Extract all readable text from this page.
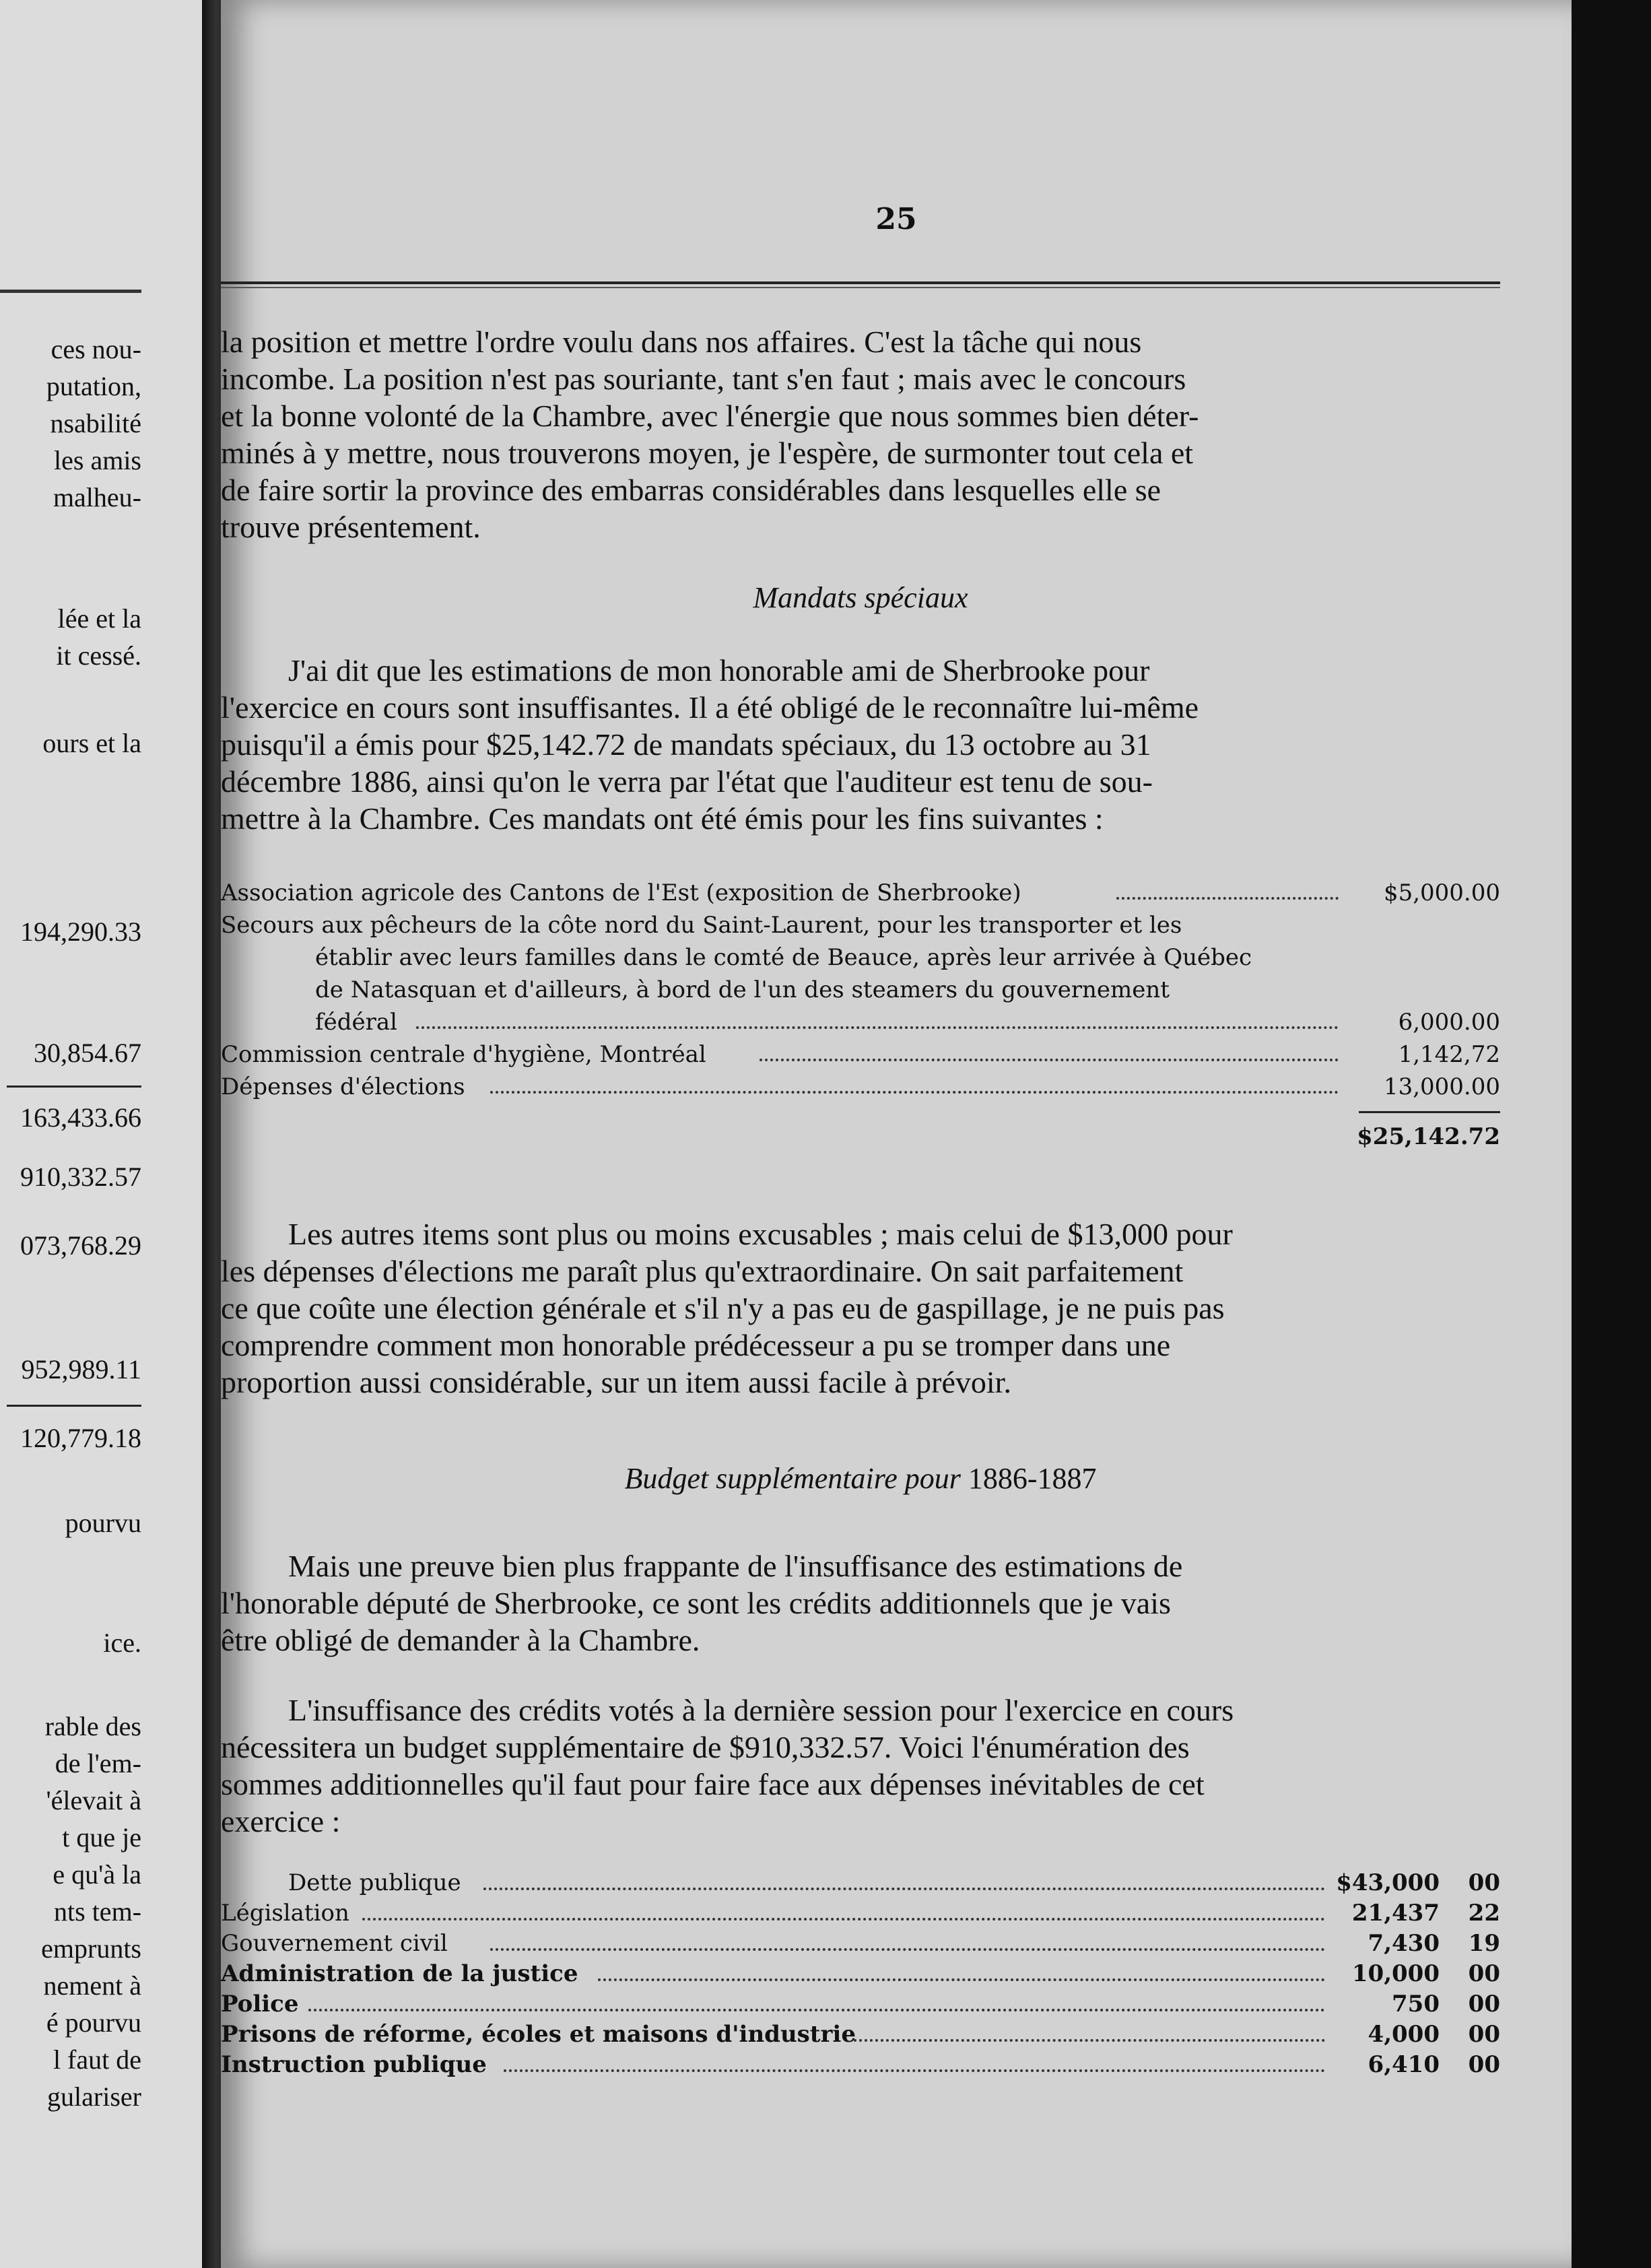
ces nou-
putation,
nsabilité
les amis
malheu-
lée et la
it cessé.
ours et la
194,290.33
30,854.67
163,433.66
910,332.57
073,768.29
952,989.11
120,779.18
pourvu
ice.
rable des
de l'em-
'élevait à
t que je
e qu'à la
nts tem-
emprunts
nement à
é pourvu
l faut de
gulariser
25
la position et mettre l'ordre voulu dans nos affaires. C'est la tâche qui nous
incombe. La position n'est pas souriante, tant s'en faut ; mais avec le concours
et la bonne volonté de la Chambre, avec l'énergie que nous sommes bien déter-
minés à y mettre, nous trouverons moyen, je l'espère, de surmonter tout cela et
de faire sortir la province des embarras considérables dans lesquelles elle se
trouve présentement.
Mandats spéciaux
J'ai dit que les estimations de mon honorable ami de Sherbrooke pour
l'exercice en cours sont insuffisantes. Il a été obligé de le reconnaître lui-même
puisqu'il a émis pour $25,142.72 de mandats spéciaux, du 13 octobre au 31
décembre 1886, ainsi qu'on le verra par l'état que l'auditeur est tenu de sou-
mettre à la Chambre. Ces mandats ont été émis pour les fins suivantes :
Association agricole des Cantons de l'Est (exposition de Sherbrooke)	$5,000.00
Secours aux pêcheurs de la côte nord du Saint-Laurent, pour les transporter et les
établir avec leurs familles dans le comté de Beauce, après leur arrivée à Québec
de Natasquan et d'ailleurs, à bord de l'un des steamers du gouvernement
fédéral	6,000.00
Commission centrale d'hygiène, Montréal	1,142,72
Dépenses d'élections	13,000.00
$25,142.72
Les autres items sont plus ou moins excusables ; mais celui de $13,000 pour
les dépenses d'élections me paraît plus qu'extraordinaire. On sait parfaitement
ce que coûte une élection générale et s'il n'y a pas eu de gaspillage, je ne puis pas
comprendre comment mon honorable prédécesseur a pu se tromper dans une
proportion aussi considérable, sur un item aussi facile à prévoir.
Budget supplémentaire pour 1886-1887
Mais une preuve bien plus frappante de l'insuffisance des estimations de
l'honorable député de Sherbrooke, ce sont les crédits additionnels que je vais
être obligé de demander à la Chambre.
L'insuffisance des crédits votés à la dernière session pour l'exercice en cours
nécessitera un budget supplémentaire de $910,332.57. Voici l'énumération des
sommes additionnelles qu'il faut pour faire face aux dépenses inévitables de cet
exercice :
Dette publique	$43,000	00
Législation	21,437	22
Gouvernement civil	7,430	19
Administration de la justice	10,000	00
Police	750	00
Prisons de réforme, écoles et maisons d'industrie	4,000	00
Instruction publique	6,410	00
